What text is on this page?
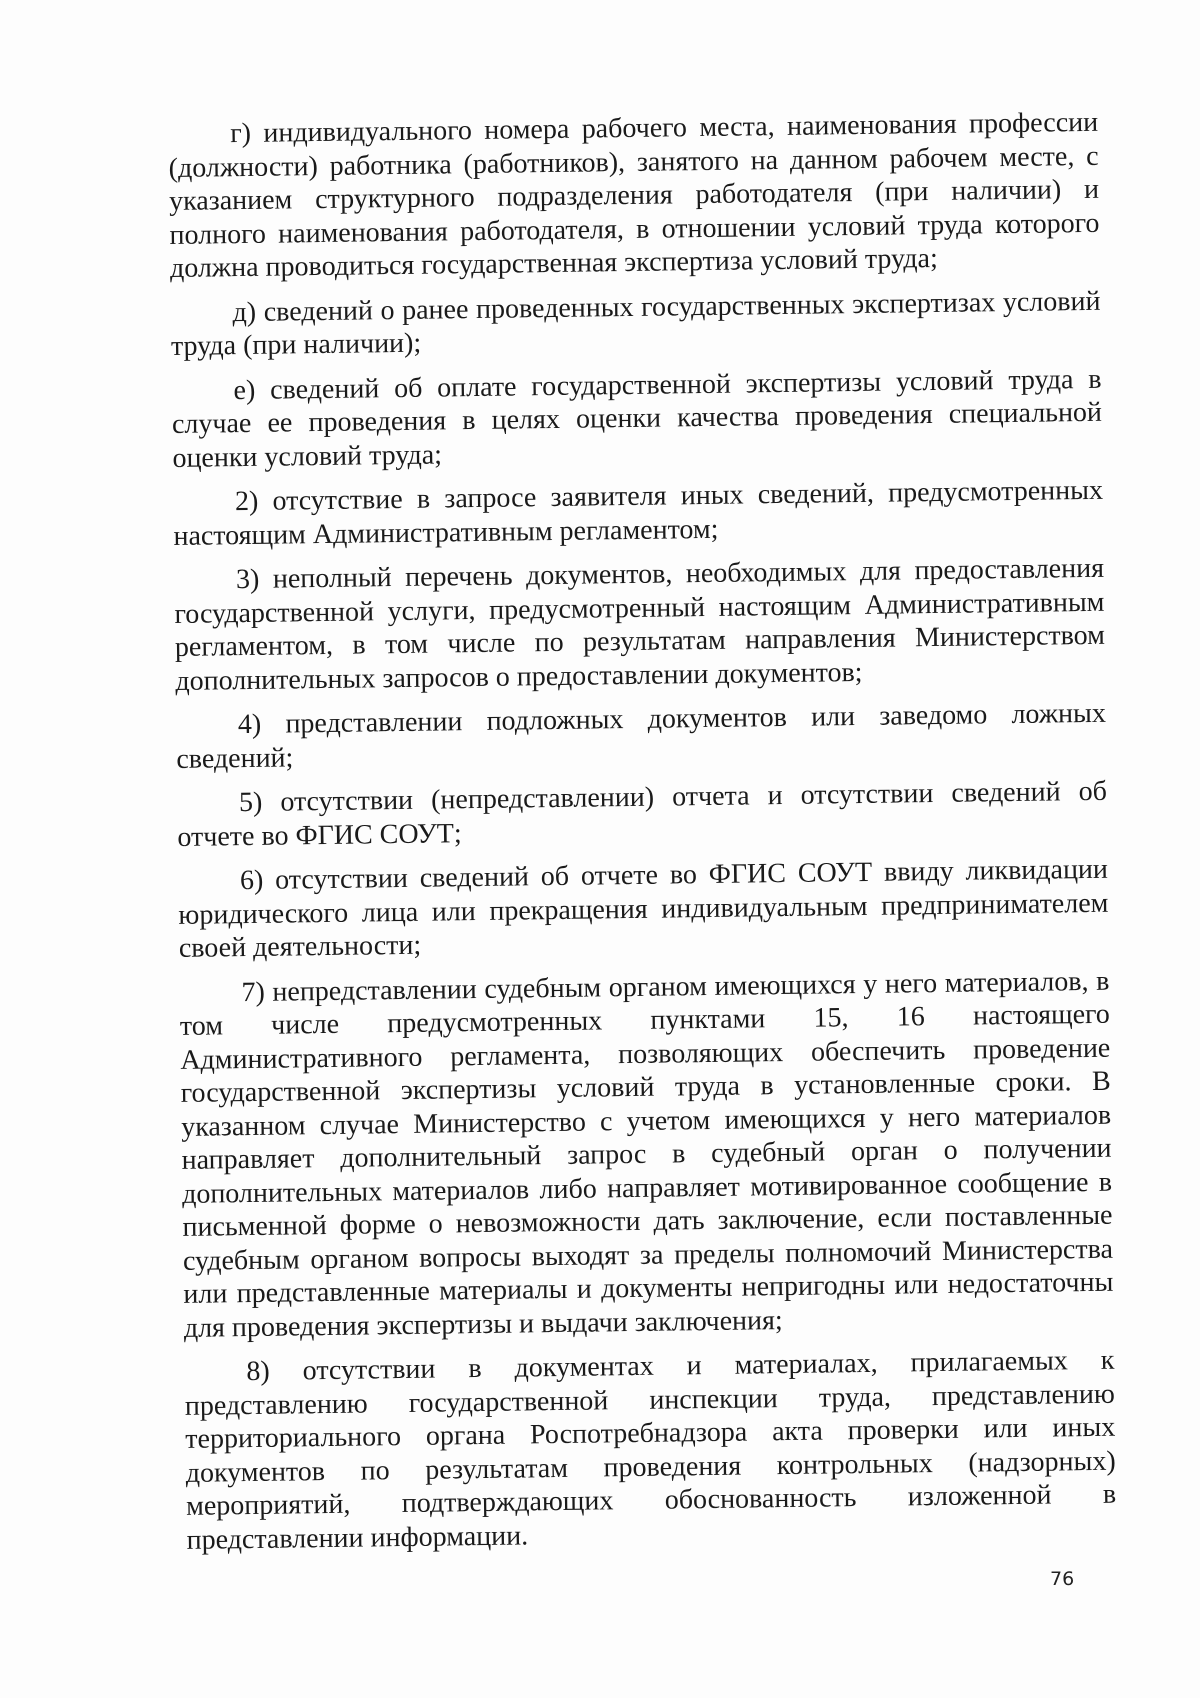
г) индивидуального номера рабочего места, наименования профессии (должности) работника (работников), занятого на данном рабочем месте, с указанием структурного подразделения работодателя (при наличии) и полного наименования работодателя, в отношении условий труда которого должна проводиться государственная экспертиза условий труда;

д) сведений о ранее проведенных государственных экспертизах условий труда (при наличии);

е) сведений об оплате государственной экспертизы условий труда в случае ее проведения в целях оценки качества проведения специальной оценки условий труда;

2) отсутствие в запросе заявителя иных сведений, предусмотренных настоящим Административным регламентом;

3) неполный перечень документов, необходимых для предоставления государственной услуги, предусмотренный настоящим Административным регламентом, в том числе по результатам направления Министерством дополнительных запросов о предоставлении документов;

4) представлении подложных документов или заведомо ложных сведений;

5) отсутствии (непредставлении) отчета и отсутствии сведений об отчете во ФГИС СОУТ;

6) отсутствии сведений об отчете во ФГИС СОУТ ввиду ликвидации юридического лица или прекращения индивидуальным предпринимателем своей деятельности;

7) непредставлении судебным органом имеющихся у него материалов, в том числе предусмотренных пунктами 15, 16 настоящего Административного регламента, позволяющих обеспечить проведение государственной экспертизы условий труда в установленные сроки. В указанном случае Министерство с учетом имеющихся у него материалов направляет дополнительный запрос в судебный орган о получении дополнительных материалов либо направляет мотивированное сообщение в письменной форме о невозможности дать заключение, если поставленные судебным органом вопросы выходят за пределы полномочий Министерства или представленные материалы и документы непригодны или недостаточны для проведения экспертизы и выдачи заключения;

8) отсутствии в документах и материалах, прилагаемых к представлению государственной инспекции труда, представлению территориального органа Роспотребнадзора акта проверки или иных документов по результатам проведения контрольных (надзорных) мероприятий, подтверждающих обоснованность изложенной в представлении информации.

76
